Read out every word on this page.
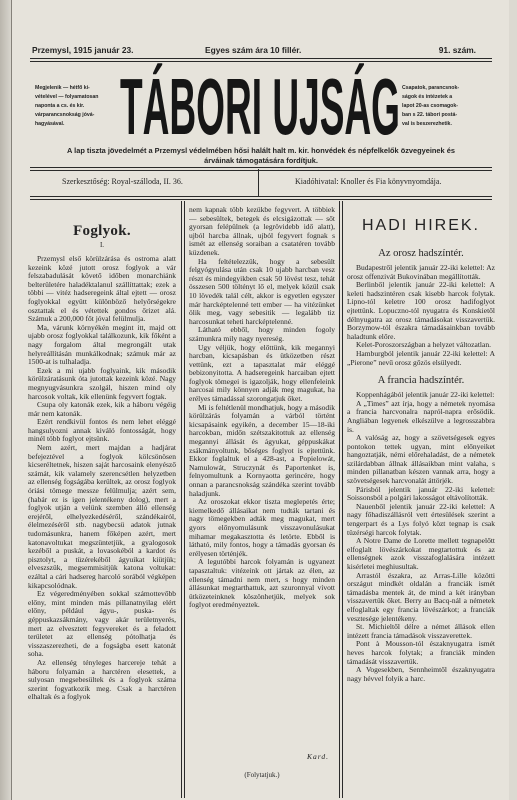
Przemysl, 1915 január 23.	Egyes szám ára 10 fillér.	91. szám.
Megjelenik — hétfő ki-
vételével — folyamatosan
naponta a cs. és kir.
várparancsnokság jóvá-
hagyásával.
Csapatok, parancsnok-
ságok és intézetek a
lapot 20-as csomagok-
ban s 22. tábori postá-
val is beszerezhetik.
TÁBORI UJSÁG
A lap tiszta jövedelmét a Przemysl védelmében hősi halált halt m. kir. honvédek és népfelkelők özvegyeinek és
árváinak támogatására fordítjuk.
Szerkesztőség: Royal-szálloda, II. 36.	Kiadóhivatal: Knoller és Fia könyvnyomdája.
Foglyok.
I.

Przemysl első körülzárása és ostroma alatt kezeink közé jutott orosz foglyok a vár felszabadulását követő időben monarchiánk belterületére haladéktalanul szállíttattak; ezek a többi — vitéz hadseregeink által ejtett — orosz foglyokkal együtt különböző helyőrségekre osztattak el és vétettek gondos őrizet alá. Számuk a 200,000 főt jóval felülmulja.

Ma, várunk környékén megint itt, majd ott ujabb orosz foglyokkal találkozunk, kik főként a nagy forgalom által megrongált utak helyreállításán munkálkodnak; számuk már az 1500-at is tulhaladja.

Ezek a mi ujabb foglyaink, kik második körülzáratásunk óta jutottak kezeink közé. Nagy megnyugvásunkra szolgál, hiszen mind oly harcosok voltak, kik ellenünk fegyvert fogtak.

Csupa oly katonák ezek, kik a háboru végéig már nem katonák.

Ezért rendkivül fontos és nem lehet eléggé hangsulyozni annak kiváló fontosságát, hogy minél több foglyot ejtsünk.

Nem azért, mert majdan a hadjárat befejeztével a foglyok kölcsönösen kicseréltetnek, hiszen saját harcosaink elenyésző számát, kik valamely szerencsétlen helyzetben az ellenség fogságába kerültek, az orosz foglyok óriási tömege messze felülmulja; azért sem, (habár ez is igen jelentékeny dolog), mert a foglyok utján a velünk szemben álló ellenség erejéről, elhelyezkedéséről, szándékairól, élelmezéséről stb. nagybecsü adatok jutnak tudomásunkra, hanem főképen azért, mert katonavoltukat megszüntetjük, a gyalogosok kezéből a puskát, a lovasokéból a kardot és pisztolyt, a tüzérekéből ágyuikat kiütjük; elveszszük, megsemmisitjük katona voltukat: ezáltal a cári hadsereg harcoló sorából végképen kikapcsolódnak.

Ez végeredményében sokkal számottevőbb előny, mint minden más pillanatnyilag elért előny, például ágyu-, puska- és géppuskazsákmány, vagy akár területnyerés, mert az elvesztett fegyvereket és a feladott területet az ellenség pótolhatja és visszaszerezheti, de a fogságba esett katonát soha.

Az ellenség tényleges harcereje tehát a háboru folyamán a harctéren elesettek, a sulyosan megsebesültek és a foglyok száma szerint fogyatkozik meg. Csak a harctéren elhaltak és a foglyok

nem kapnak több kezükbe fegyvert. A többiek — sebesültek, betegek és elcsigázottak — sőt gyorsan felépülnek (a legrövidebb idő alatt), ujból harcba állnak, ujból fegyvert fognak s ismét az ellenség soraiban a csatatéren tovább küzdenek.

Ha feltételezzük, hogy a sebesült felgyógyulása után csak 10 ujabb harcban vesz részt és mindegyikben csak 50 lövést tesz, tehát összesen 500 töltényt lő el, melyek közül csak 10 lövedék talál célt, akkor is egyetlen egyszer már harcképtelenné tett ember — ha vitézünket ölik meg, vagy sebesitik — legalább tiz harcosunkat teheti harcképtelenné.

Látható ebből, hogy minden fogoly számunkra mily nagy nyereség.

Ugy véljük, hogy előttünk, kik megannyi harcban, kicsapásban és ütközetben részt vettünk, ezt a tapasztalat már eléggé bebizonyitotta. A hadseregeink harcaiban ejtett foglyok tömegei is igazolják, hogy ellenfeleink harcosai mily könnyen adják meg magukat, ha erélyes támadással szorongatjuk őket.

Mi is feltétlenül mondhatjuk, hogy a második körülzárás folyamán a várból történt kicsapásaink egyikén, a december 15—18-iki harcokban, midőn szétszakitottuk az ellenség megannyi állását és ágyukat, géppuskákat zsákmányoltunk, bőséges foglyot is ejtettünk. Ekkor foglaltuk el a 428-ast, a Popielowát, Namulowát, Struczynát és Paportenket is, felnyomultunk a Kornyaotta gerincére, hogy onnan a parancsnokság szándéka szerint tovább haladjunk.

Az oroszokat ekkor tiszta meglepetés érte; kiemelkedő állásaikat nem tudták tartani és nagy tömegekben adták meg magukat, mert gyors előnyomulásunk visszavonulásukat mihamar megakasztotta és letörte. Ebből is látható, mily fontos, hogy a támadás gyorsan és erélyesen történjék.

A legutóbbi harcok folyamán is ugyanezt tapasztaltuk: vitézeink ott jártak az élen, az ellenség támadni nem mert, s hogy minden állásunkat megtarthattuk, azt szuronnyal vívott ütközeteinknek köszönhetjük, melyek sok foglyot eredményeztek.

Kard.
(Folytatjuk.)
HADI HIREK.
Az orosz hadszíntér.

Budapestről jelentik január 22-iki kelettel: Az orosz offenzivát Bukovinában megállították.

Berlinből jelentik január 22-iki kelettel: A keleti hadszintéren csak kisebb harcok folytak. Lipno-tól keletre 100 orosz hadifoglyot ejtettünk. Lopuczno-tól nyugatra és Konskietől délnyugatra az orosz támadásokat visszavertük. Borzymow-tól északra támadásainkban tovább haladtunk előre.

Kelet-Poroszországban a helyzet változatlan.

Hamburgból jelentik január 22-iki kelettel: A „Pierone” nevű orosz gőzös elsülyedt.

A francia hadszíntér.

Koppenhágából jelentik január 22-iki kelettel:

A „Times” azt írja, hogy a németek nyomása a francia harcvonalra napról-napra erősödik. Angliában legyenek elkészülve a legrosszabbra is.

A valóság az, hogy a szövetségesek egyes pontokon tettek ugyan, mint előnyeiket hangoztatják, némi előrehaladást, de a németek szilárdabban állnak állásaikban mint valaha, s minden pillanatban készen vannak arra, hogy a szövetségesek harcvonalát áttörjék.

Párisból jelentik január 22-iki kelettel: Soissonsból a polgári lakosságot eltávolították.

Nauenből jelentik január 22-iki kelettel: A nagy főhadiszállásról vett értesülések szerint a tengerpart és a Lys folyó közt tegnap is csak tüzérségi harcok folytak.

A Notre Dame de Lorette mellett tegnapelőtt elfoglalt lövészárkokat megtartottuk és az ellenségnek azok visszafoglalására intézett kisérletei meghiusultak.

Arrastól északra, az Arras-Lille közötti országut mindkét oldalán a franciák ismét támadásba mentek át, de mind a két irányban visszavertük őket. Berry au Bacq-nál a németek elfoglaltak egy francia lövészárkot; a franciák vesztesége jelentékeny.

St. Michieltől délre a német állások ellen intézett francia támadások visszaverettek.

Pont à Mousson-tól északnyugatra ismét heves harcok folytak; a franciák minden támadását visszavertük.

A Vogesekben, Sennheimtől északnyugatra nagy hévvel folyik a harc.
